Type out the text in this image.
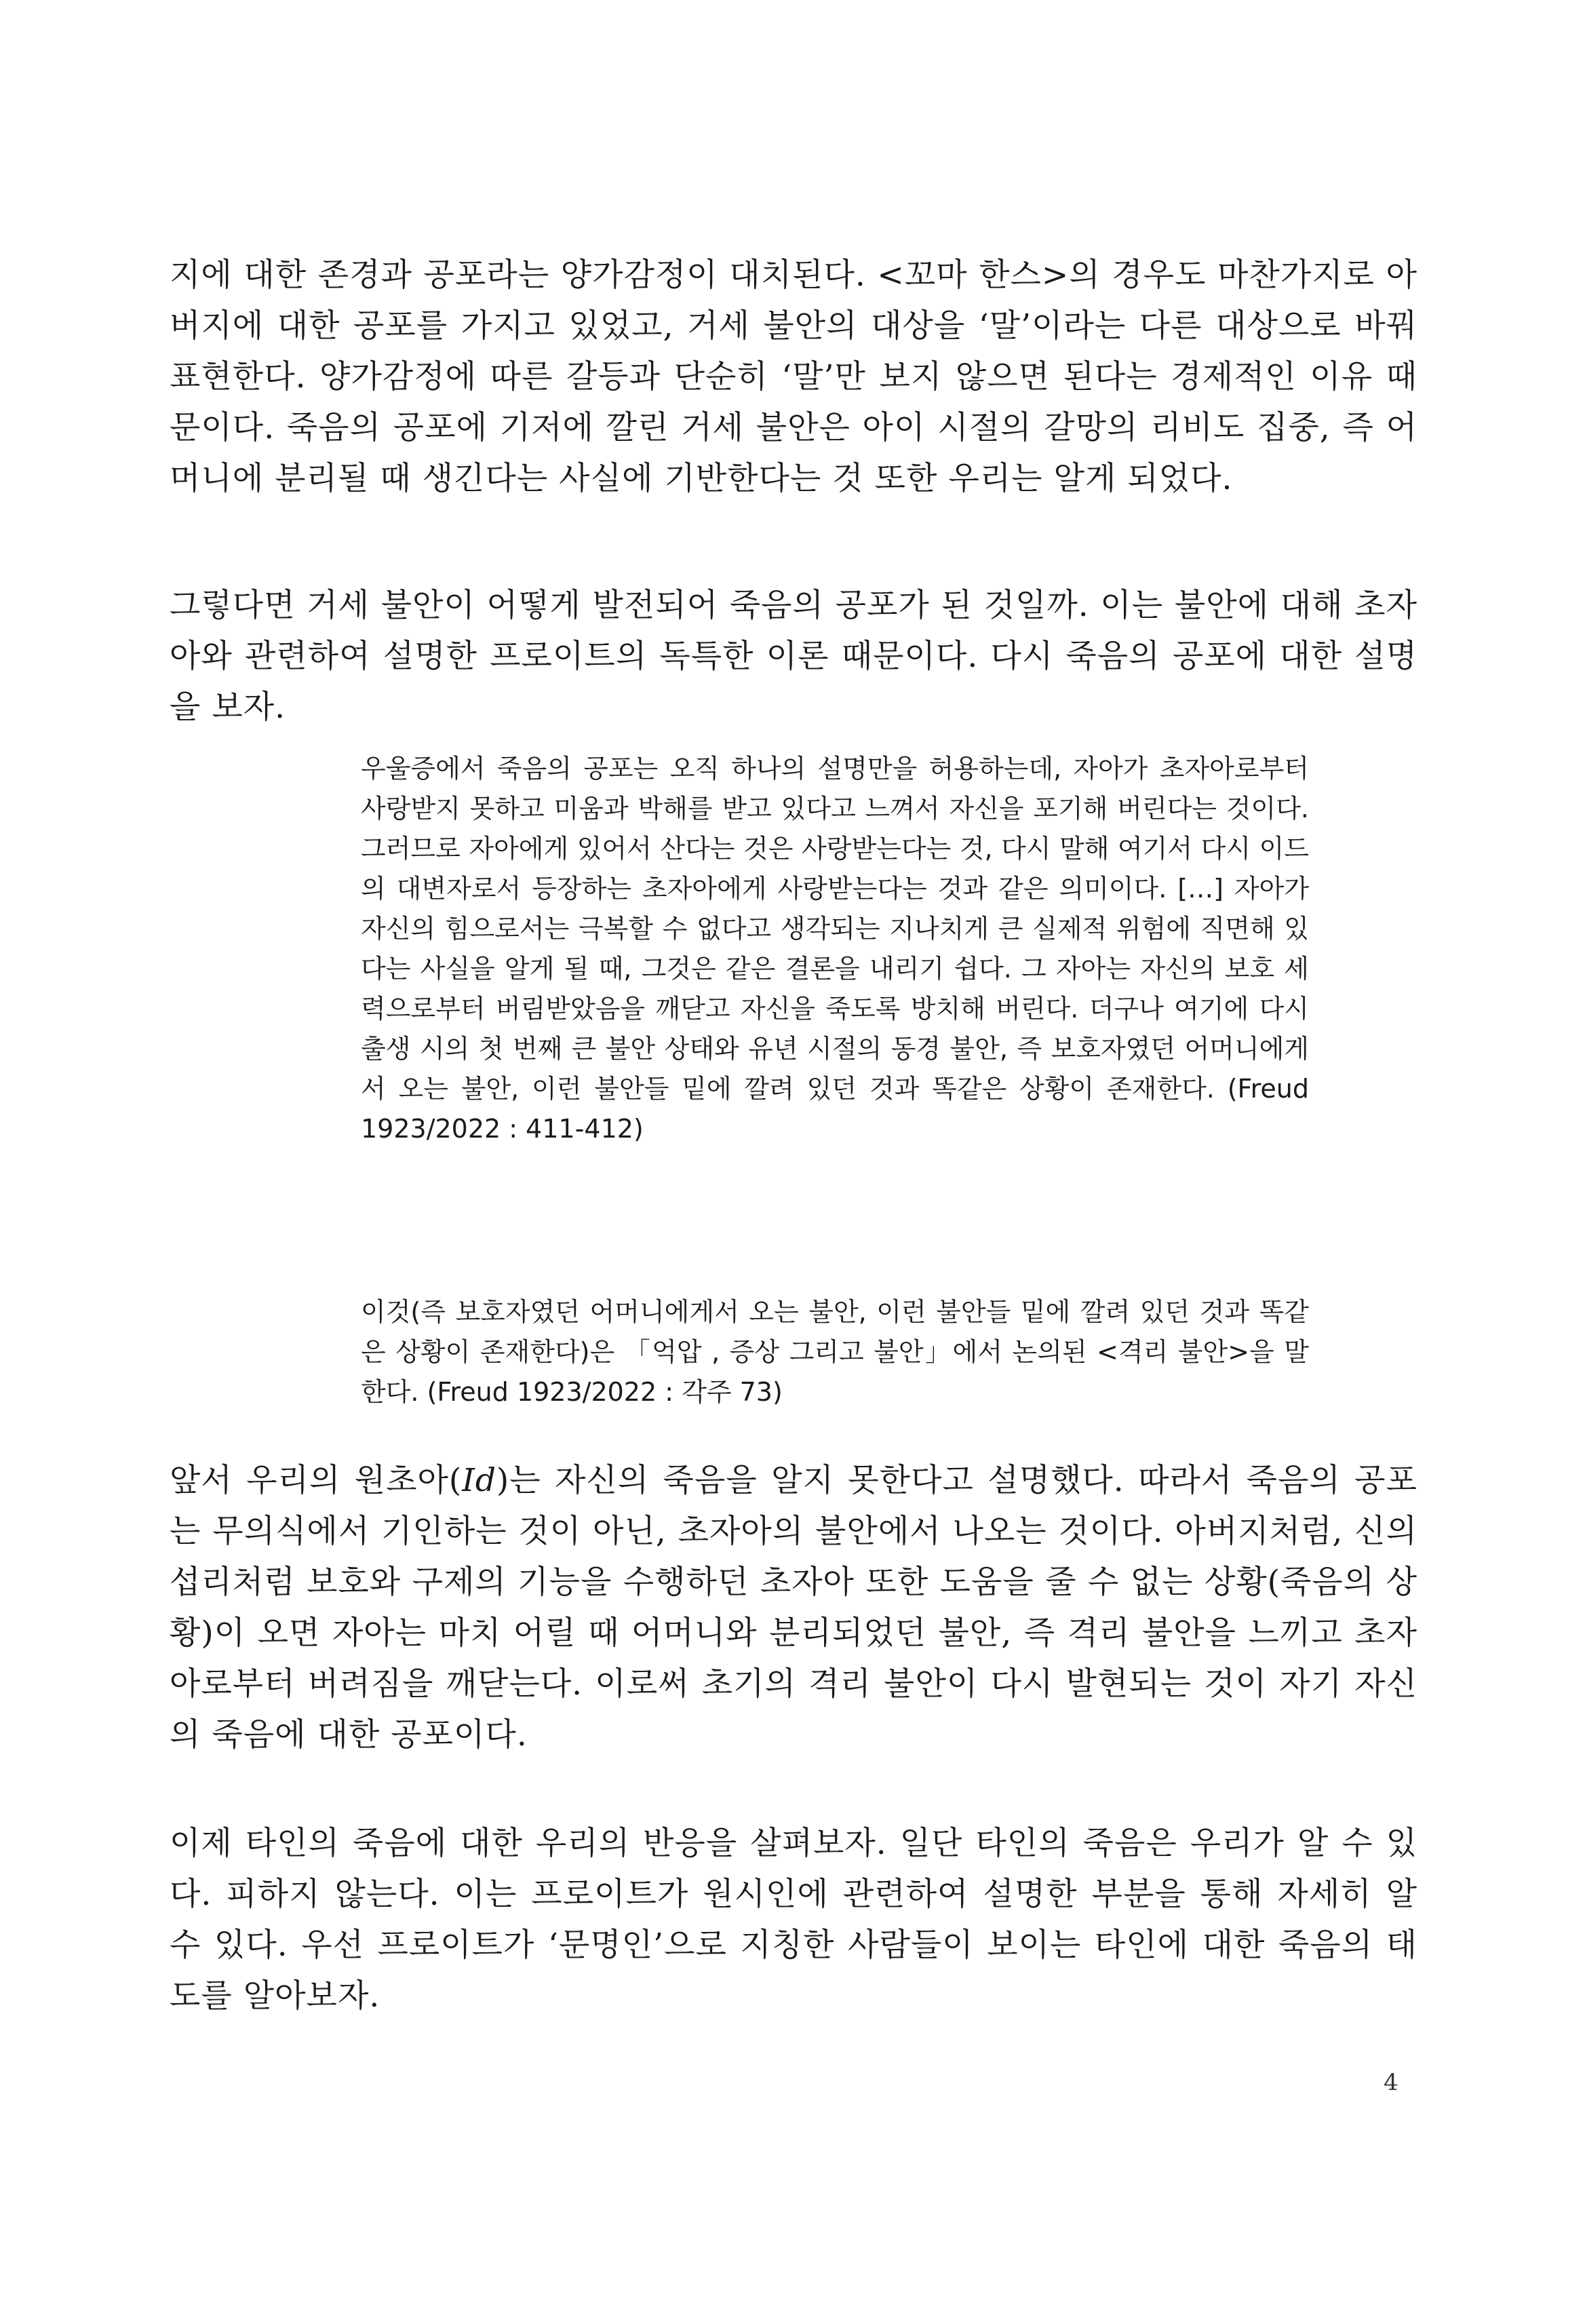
지에 대한 존경과 공포라는 양가감정이 대치된다. <꼬마 한스>의 경우도 마찬가지로 아버지에 대한 공포를 가지고 있었고, 거세 불안의 대상을 ‘말’이라는 다른 대상으로 바꿔 표현한다. 양가감정에 따른 갈등과 단순히 ‘말’만 보지 않으면 된다는 경제적인 이유 때문이다. 죽음의 공포에 기저에 깔린 거세 불안은 아이 시절의 갈망의 리비도 집중, 즉 어머니에 분리될 때 생긴다는 사실에 기반한다는 것 또한 우리는 알게 되었다.

그렇다면 거세 불안이 어떻게 발전되어 죽음의 공포가 된 것일까. 이는 불안에 대해 초자아와 관련하여 설명한 프로이트의 독특한 이론 때문이다. 다시 죽음의 공포에 대한 설명을 보자.

우울증에서 죽음의 공포는 오직 하나의 설명만을 허용하는데, 자아가 초자아로부터 사랑받지 못하고 미움과 박해를 받고 있다고 느껴서 자신을 포기해 버린다는 것이다. 그러므로 자아에게 있어서 산다는 것은 사랑받는다는 것, 다시 말해 여기서 다시 이드의 대변자로서 등장하는 초자아에게 사랑받는다는 것과 같은 의미이다. […] 자아가 자신의 힘으로서는 극복할 수 없다고 생각되는 지나치게 큰 실제적 위험에 직면해 있다는 사실을 알게 될 때, 그것은 같은 결론을 내리기 쉽다. 그 자아는 자신의 보호 세력으로부터 버림받았음을 깨닫고 자신을 죽도록 방치해 버린다. 더구나 여기에 다시 출생 시의 첫 번째 큰 불안 상태와 유년 시절의 동경 불안, 즉 보호자였던 어머니에게서 오는 불안, 이런 불안들 밑에 깔려 있던 것과 똑같은 상황이 존재한다. (Freud 1923/2022 : 411-412)

이것(즉 보호자였던 어머니에게서 오는 불안, 이런 불안들 밑에 깔려 있던 것과 똑같은 상황이 존재한다)은 「억압 , 증상 그리고 불안」에서 논의된 <격리 불안>을 말한다. (Freud 1923/2022 : 각주 73)

앞서 우리의 원초아(Id)는 자신의 죽음을 알지 못한다고 설명했다. 따라서 죽음의 공포는 무의식에서 기인하는 것이 아닌, 초자아의 불안에서 나오는 것이다. 아버지처럼, 신의 섭리처럼 보호와 구제의 기능을 수행하던 초자아 또한 도움을 줄 수 없는 상황(죽음의 상황)이 오면 자아는 마치 어릴 때 어머니와 분리되었던 불안, 즉 격리 불안을 느끼고 초자아로부터 버려짐을 깨닫는다. 이로써 초기의 격리 불안이 다시 발현되는 것이 자기 자신의 죽음에 대한 공포이다.

이제 타인의 죽음에 대한 우리의 반응을 살펴보자. 일단 타인의 죽음은 우리가 알 수 있다. 피하지 않는다. 이는 프로이트가 원시인에 관련하여 설명한 부분을 통해 자세히 알 수 있다. 우선 프로이트가 ‘문명인’으로 지칭한 사람들이 보이는 타인에 대한 죽음의 태도를 알아보자.

4
